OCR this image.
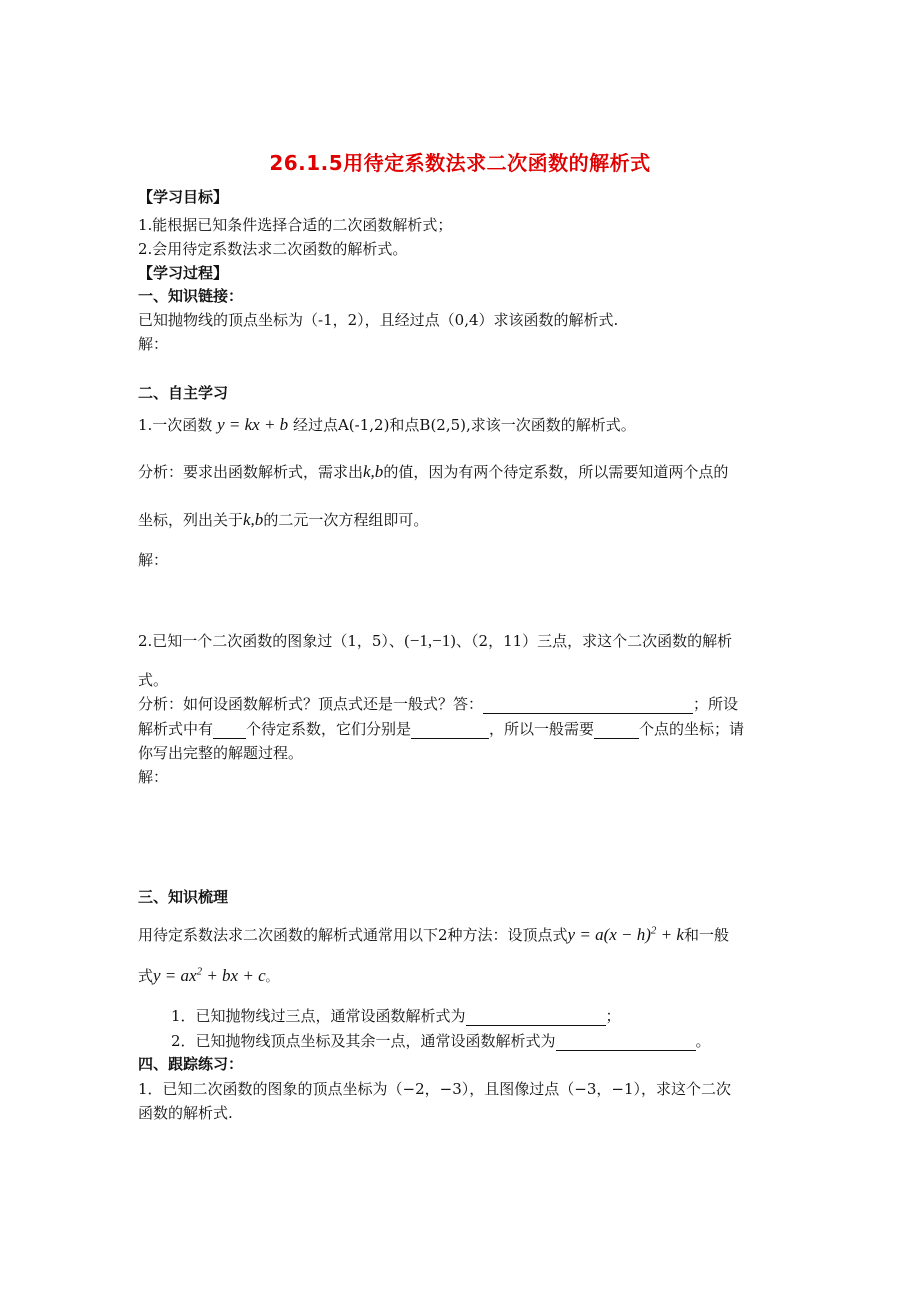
26.1.5用待定系数法求二次函数的解析式
【学习目标】
1.能根据已知条件选择合适的二次函数解析式；
2.会用待定系数法求二次函数的解析式。
【学习过程】
一、知识链接：
已知抛物线的顶点坐标为（-1，2），且经过点（0,4）求该函数的解析式.
解：
二、自主学习
1.一次函数 y = kx + b 经过点A(-1,2)和点B(2,5),求该一次函数的解析式。
分析：要求出函数解析式，需求出k,b的值，因为有两个待定系数，所以需要知道两个点的
坐标，列出关于k,b的二元一次方程组即可。
解：
2.已知一个二次函数的图象过（1，5）、(−1,−1)、（2，11）三点，求这个二次函数的解析
式。
分析：如何设函数解析式？顶点式还是一般式？答：	；所设
解析式中有 个待定系数，它们分别是	，所以一般需要	个点的坐标；请
你写出完整的解题过程。
解：
三、知识梳理
用待定系数法求二次函数的解析式通常用以下2种方法：设顶点式$y = a(x - h)^2 + k$和一般
式$y = ax^2$ + bx + c。
1．已知抛物线过三点，通常设函数解析式为	；
2．已知抛物线顶点坐标及其余一点，通常设函数解析式为	。
四、跟踪练习：
1．已知二次函数的图象的顶点坐标为（−2，−3），且图像过点（−3，−1），求这个二次
函数的解析式.
